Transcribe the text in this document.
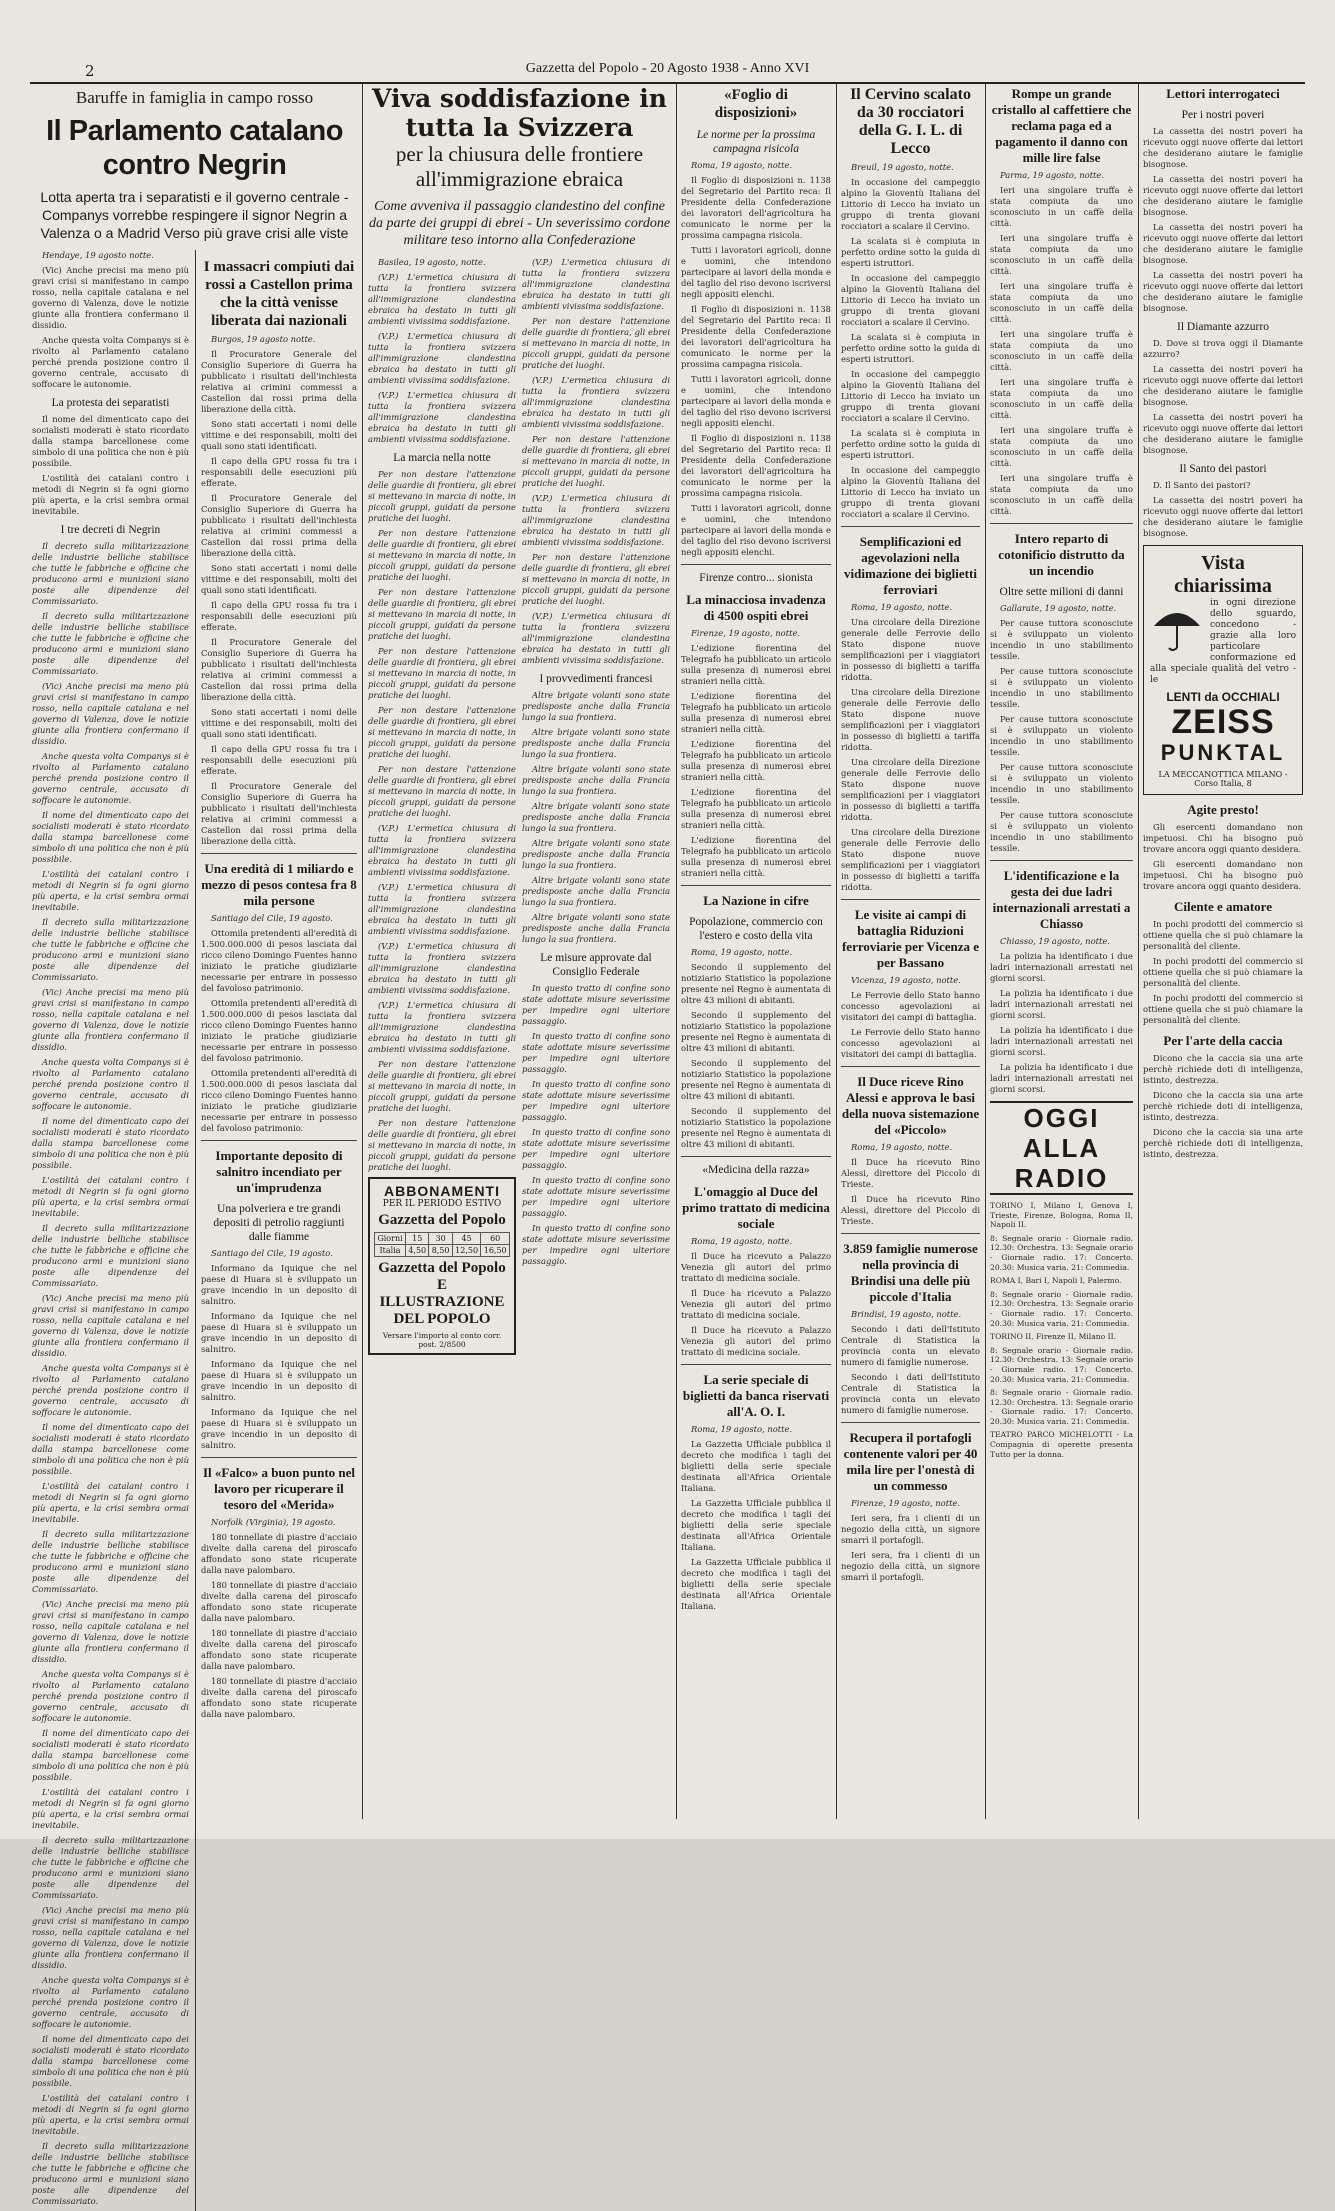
2	Gazzetta del Popolo - 20 Agosto 1938 - Anno XVI
Baruffe in famiglia in campo rosso
Il Parlamento catalano contro Negrin
Lotta aperta tra i separatisti e il governo centrale - Companys vorrebbe respingere il signor Negrin a Valenza o a Madrid Verso più grave crisi alle viste

Hendaye, 19 agosto notte.

(Vic) Anche precisi ma meno più gravi crisi si manifestano in campo rosso, nella capitale catalana e nel governo di Valenza, dove le notizie giunte alla frontiera confermano il dissidio.

Anche questa volta Companys si è rivolto al Parlamento catalano perché prenda posizione contro il governo centrale, accusato di soffocare le autonomie.

La protesta dei separatisti

Il nome del dimenticato capo dei socialisti moderati è stato ricordato dalla stampa barcellonese come simbolo di una politica che non è più possibile.

L'ostilità dei catalani contro i metodi di Negrin si fa ogni giorno più aperta, e la crisi sembra ormai inevitabile.

I tre decreti di Negrin

Il decreto sulla militarizzazione delle industrie belliche stabilisce che tutte le fabbriche e officine che producono armi e munizioni siano poste alle dipendenze del Commissariato.

Il decreto sulla militarizzazione delle industrie belliche stabilisce che tutte le fabbriche e officine che producono armi e munizioni siano poste alle dipendenze del Commissariato.

(Vic) Anche precisi ma meno più gravi crisi si manifestano in campo rosso, nella capitale catalana e nel governo di Valenza, dove le notizie giunte alla frontiera confermano il dissidio.

Anche questa volta Companys si è rivolto al Parlamento catalano perché prenda posizione contro il governo centrale, accusato di soffocare le autonomie.

Il nome del dimenticato capo dei socialisti moderati è stato ricordato dalla stampa barcellonese come simbolo di una politica che non è più possibile.

L'ostilità dei catalani contro i metodi di Negrin si fa ogni giorno più aperta, e la crisi sembra ormai inevitabile.

Il decreto sulla militarizzazione delle industrie belliche stabilisce che tutte le fabbriche e officine che producono armi e munizioni siano poste alle dipendenze del Commissariato.

(Vic) Anche precisi ma meno più gravi crisi si manifestano in campo rosso, nella capitale catalana e nel governo di Valenza, dove le notizie giunte alla frontiera confermano il dissidio.

Anche questa volta Companys si è rivolto al Parlamento catalano perché prenda posizione contro il governo centrale, accusato di soffocare le autonomie.

Il nome del dimenticato capo dei socialisti moderati è stato ricordato dalla stampa barcellonese come simbolo di una politica che non è più possibile.

L'ostilità dei catalani contro i metodi di Negrin si fa ogni giorno più aperta, e la crisi sembra ormai inevitabile.

Il decreto sulla militarizzazione delle industrie belliche stabilisce che tutte le fabbriche e officine che producono armi e munizioni siano poste alle dipendenze del Commissariato.

(Vic) Anche precisi ma meno più gravi crisi si manifestano in campo rosso, nella capitale catalana e nel governo di Valenza, dove le notizie giunte alla frontiera confermano il dissidio.

Anche questa volta Companys si è rivolto al Parlamento catalano perché prenda posizione contro il governo centrale, accusato di soffocare le autonomie.

Il nome del dimenticato capo dei socialisti moderati è stato ricordato dalla stampa barcellonese come simbolo di una politica che non è più possibile.

L'ostilità dei catalani contro i metodi di Negrin si fa ogni giorno più aperta, e la crisi sembra ormai inevitabile.

Il decreto sulla militarizzazione delle industrie belliche stabilisce che tutte le fabbriche e officine che producono armi e munizioni siano poste alle dipendenze del Commissariato.

(Vic) Anche precisi ma meno più gravi crisi si manifestano in campo rosso, nella capitale catalana e nel governo di Valenza, dove le notizie giunte alla frontiera confermano il dissidio.

Anche questa volta Companys si è rivolto al Parlamento catalano perché prenda posizione contro il governo centrale, accusato di soffocare le autonomie.

Il nome del dimenticato capo dei socialisti moderati è stato ricordato dalla stampa barcellonese come simbolo di una politica che non è più possibile.

L'ostilità dei catalani contro i metodi di Negrin si fa ogni giorno più aperta, e la crisi sembra ormai inevitabile.

Il decreto sulla militarizzazione delle industrie belliche stabilisce che tutte le fabbriche e officine che producono armi e munizioni siano poste alle dipendenze del Commissariato.

(Vic) Anche precisi ma meno più gravi crisi si manifestano in campo rosso, nella capitale catalana e nel governo di Valenza, dove le notizie giunte alla frontiera confermano il dissidio.

Anche questa volta Companys si è rivolto al Parlamento catalano perché prenda posizione contro il governo centrale, accusato di soffocare le autonomie.

Il nome del dimenticato capo dei socialisti moderati è stato ricordato dalla stampa barcellonese come simbolo di una politica che non è più possibile.

L'ostilità dei catalani contro i metodi di Negrin si fa ogni giorno più aperta, e la crisi sembra ormai inevitabile.

Il decreto sulla militarizzazione delle industrie belliche stabilisce che tutte le fabbriche e officine che producono armi e munizioni siano poste alle dipendenze del Commissariato.

I massacri compiuti dai rossi a Castellon prima che la città venisse liberata dai nazionali

Burgos, 19 agosto notte.

Il Procuratore Generale del Consiglio Superiore di Guerra ha pubblicato i risultati dell'inchiesta relativa ai crimini commessi a Castellon dai rossi prima della liberazione della città.

Sono stati accertati i nomi delle vittime e dei responsabili, molti dei quali sono stati identificati.

Il capo della GPU rossa fu tra i responsabili delle esecuzioni più efferate.

Il Procuratore Generale del Consiglio Superiore di Guerra ha pubblicato i risultati dell'inchiesta relativa ai crimini commessi a Castellon dai rossi prima della liberazione della città.

Sono stati accertati i nomi delle vittime e dei responsabili, molti dei quali sono stati identificati.

Il capo della GPU rossa fu tra i responsabili delle esecuzioni più efferate.

Il Procuratore Generale del Consiglio Superiore di Guerra ha pubblicato i risultati dell'inchiesta relativa ai crimini commessi a Castellon dai rossi prima della liberazione della città.

Sono stati accertati i nomi delle vittime e dei responsabili, molti dei quali sono stati identificati.

Il capo della GPU rossa fu tra i responsabili delle esecuzioni più efferate.

Il Procuratore Generale del Consiglio Superiore di Guerra ha pubblicato i risultati dell'inchiesta relativa ai crimini commessi a Castellon dai rossi prima della liberazione della città.

Una eredità di 1 miliardo e mezzo di pesos contesa fra 8 mila persone

Santiago del Cile, 19 agosto.

Ottomila pretendenti all'eredità di 1.500.000.000 di pesos lasciata dal ricco cileno Domingo Fuentes hanno iniziato le pratiche giudiziarie necessarie per entrare in possesso del favoloso patrimonio.

Ottomila pretendenti all'eredità di 1.500.000.000 di pesos lasciata dal ricco cileno Domingo Fuentes hanno iniziato le pratiche giudiziarie necessarie per entrare in possesso del favoloso patrimonio.

Ottomila pretendenti all'eredità di 1.500.000.000 di pesos lasciata dal ricco cileno Domingo Fuentes hanno iniziato le pratiche giudiziarie necessarie per entrare in possesso del favoloso patrimonio.

Importante deposito di salnitro incendiato per un'imprudenza
Una polveriera e tre grandi depositi di petrolio raggiunti dalle fiamme

Santiago del Cile, 19 agosto.

Informano da Iquique che nel paese di Huara si è sviluppato un grave incendio in un deposito di salnitro.

Informano da Iquique che nel paese di Huara si è sviluppato un grave incendio in un deposito di salnitro.

Informano da Iquique che nel paese di Huara si è sviluppato un grave incendio in un deposito di salnitro.

Informano da Iquique che nel paese di Huara si è sviluppato un grave incendio in un deposito di salnitro.

Il «Falco» a buon punto nel lavoro per ricuperare il tesoro del «Merida»

Norfolk (Virginia), 19 agosto.

180 tonnellate di piastre d'acciaio divelte dalla carena del piroscafo affondato sono state ricuperate dalla nave palombaro.

180 tonnellate di piastre d'acciaio divelte dalla carena del piroscafo affondato sono state ricuperate dalla nave palombaro.

180 tonnellate di piastre d'acciaio divelte dalla carena del piroscafo affondato sono state ricuperate dalla nave palombaro.

180 tonnellate di piastre d'acciaio divelte dalla carena del piroscafo affondato sono state ricuperate dalla nave palombaro.

Viva soddisfazione in tutta la Svizzera
per la chiusura delle frontiere all'immigrazione ebraica
Come avveniva il passaggio clandestino del confine da parte dei gruppi di ebrei - Un severissimo cordone militare teso intorno alla Confederazione

Basilea, 19 agosto, notte.

(V.P.) L'ermetica chiusura di tutta la frontiera svizzera all'immigrazione clandestina ebraica ha destato in tutti gli ambienti vivissima soddisfazione.

(V.P.) L'ermetica chiusura di tutta la frontiera svizzera all'immigrazione clandestina ebraica ha destato in tutti gli ambienti vivissima soddisfazione.

(V.P.) L'ermetica chiusura di tutta la frontiera svizzera all'immigrazione clandestina ebraica ha destato in tutti gli ambienti vivissima soddisfazione.

La marcia nella notte

Per non destare l'attenzione delle guardie di frontiera, gli ebrei si mettevano in marcia di notte, in piccoli gruppi, guidati da persone pratiche dei luoghi.

Per non destare l'attenzione delle guardie di frontiera, gli ebrei si mettevano in marcia di notte, in piccoli gruppi, guidati da persone pratiche dei luoghi.

Per non destare l'attenzione delle guardie di frontiera, gli ebrei si mettevano in marcia di notte, in piccoli gruppi, guidati da persone pratiche dei luoghi.

Per non destare l'attenzione delle guardie di frontiera, gli ebrei si mettevano in marcia di notte, in piccoli gruppi, guidati da persone pratiche dei luoghi.

Per non destare l'attenzione delle guardie di frontiera, gli ebrei si mettevano in marcia di notte, in piccoli gruppi, guidati da persone pratiche dei luoghi.

Per non destare l'attenzione delle guardie di frontiera, gli ebrei si mettevano in marcia di notte, in piccoli gruppi, guidati da persone pratiche dei luoghi.

(V.P.) L'ermetica chiusura di tutta la frontiera svizzera all'immigrazione clandestina ebraica ha destato in tutti gli ambienti vivissima soddisfazione.

(V.P.) L'ermetica chiusura di tutta la frontiera svizzera all'immigrazione clandestina ebraica ha destato in tutti gli ambienti vivissima soddisfazione.

(V.P.) L'ermetica chiusura di tutta la frontiera svizzera all'immigrazione clandestina ebraica ha destato in tutti gli ambienti vivissima soddisfazione.

(V.P.) L'ermetica chiusura di tutta la frontiera svizzera all'immigrazione clandestina ebraica ha destato in tutti gli ambienti vivissima soddisfazione.

Per non destare l'attenzione delle guardie di frontiera, gli ebrei si mettevano in marcia di notte, in piccoli gruppi, guidati da persone pratiche dei luoghi.

Per non destare l'attenzione delle guardie di frontiera, gli ebrei si mettevano in marcia di notte, in piccoli gruppi, guidati da persone pratiche dei luoghi.

ABBONAMENTI
PER IL PERIODO ESTIVO
Gazzetta del Popolo
Giorni	15	30	45	60
Italia	4,50	8,50	12,50	16,50
Gazzetta del Popolo E ILLUSTRAZIONE DEL POPOLO
Versare l'importo al conto corr. post. 2/8500

(V.P.) L'ermetica chiusura di tutta la frontiera svizzera all'immigrazione clandestina ebraica ha destato in tutti gli ambienti vivissima soddisfazione.

Per non destare l'attenzione delle guardie di frontiera, gli ebrei si mettevano in marcia di notte, in piccoli gruppi, guidati da persone pratiche dei luoghi.

(V.P.) L'ermetica chiusura di tutta la frontiera svizzera all'immigrazione clandestina ebraica ha destato in tutti gli ambienti vivissima soddisfazione.

Per non destare l'attenzione delle guardie di frontiera, gli ebrei si mettevano in marcia di notte, in piccoli gruppi, guidati da persone pratiche dei luoghi.

(V.P.) L'ermetica chiusura di tutta la frontiera svizzera all'immigrazione clandestina ebraica ha destato in tutti gli ambienti vivissima soddisfazione.

Per non destare l'attenzione delle guardie di frontiera, gli ebrei si mettevano in marcia di notte, in piccoli gruppi, guidati da persone pratiche dei luoghi.

(V.P.) L'ermetica chiusura di tutta la frontiera svizzera all'immigrazione clandestina ebraica ha destato in tutti gli ambienti vivissima soddisfazione.

I provvedimenti francesi

Altre brigate volanti sono state predisposte anche dalla Francia lungo la sua frontiera.

Altre brigate volanti sono state predisposte anche dalla Francia lungo la sua frontiera.

Altre brigate volanti sono state predisposte anche dalla Francia lungo la sua frontiera.

Altre brigate volanti sono state predisposte anche dalla Francia lungo la sua frontiera.

Altre brigate volanti sono state predisposte anche dalla Francia lungo la sua frontiera.

Altre brigate volanti sono state predisposte anche dalla Francia lungo la sua frontiera.

Altre brigate volanti sono state predisposte anche dalla Francia lungo la sua frontiera.

Le misure approvate dal Consiglio Federale

In questo tratto di confine sono state adottate misure severissime per impedire ogni ulteriore passaggio.

In questo tratto di confine sono state adottate misure severissime per impedire ogni ulteriore passaggio.

In questo tratto di confine sono state adottate misure severissime per impedire ogni ulteriore passaggio.

In questo tratto di confine sono state adottate misure severissime per impedire ogni ulteriore passaggio.

In questo tratto di confine sono state adottate misure severissime per impedire ogni ulteriore passaggio.

In questo tratto di confine sono state adottate misure severissime per impedire ogni ulteriore passaggio.

«Foglio di disposizioni»
Le norme per la prossima campagna risicola

Roma, 19 agosto, notte.

Il Foglio di disposizioni n. 1138 del Segretario del Partito reca: Il Presidente della Confederazione dei lavoratori dell'agricoltura ha comunicato le norme per la prossima campagna risicola.

Tutti i lavoratori agricoli, donne e uomini, che intendono partecipare ai lavori della monda e del taglio del riso devono iscriversi negli appositi elenchi.

Il Foglio di disposizioni n. 1138 del Segretario del Partito reca: Il Presidente della Confederazione dei lavoratori dell'agricoltura ha comunicato le norme per la prossima campagna risicola.

Tutti i lavoratori agricoli, donne e uomini, che intendono partecipare ai lavori della monda e del taglio del riso devono iscriversi negli appositi elenchi.

Il Foglio di disposizioni n. 1138 del Segretario del Partito reca: Il Presidente della Confederazione dei lavoratori dell'agricoltura ha comunicato le norme per la prossima campagna risicola.

Tutti i lavoratori agricoli, donne e uomini, che intendono partecipare ai lavori della monda e del taglio del riso devono iscriversi negli appositi elenchi.

Firenze contro... sionista
La minacciosa invadenza di 4500 ospiti ebrei

Firenze, 19 agosto, notte.

L'edizione fiorentina del Telegrafo ha pubblicato un articolo sulla presenza di numerosi ebrei stranieri nella città.

L'edizione fiorentina del Telegrafo ha pubblicato un articolo sulla presenza di numerosi ebrei stranieri nella città.

L'edizione fiorentina del Telegrafo ha pubblicato un articolo sulla presenza di numerosi ebrei stranieri nella città.

L'edizione fiorentina del Telegrafo ha pubblicato un articolo sulla presenza di numerosi ebrei stranieri nella città.

L'edizione fiorentina del Telegrafo ha pubblicato un articolo sulla presenza di numerosi ebrei stranieri nella città.

La Nazione in cifre
Popolazione, commercio con l'estero e costo della vita

Roma, 19 agosto, notte.

Secondo il supplemento del notiziario Statistico la popolazione presente nel Regno è aumentata di oltre 43 milioni di abitanti.

Secondo il supplemento del notiziario Statistico la popolazione presente nel Regno è aumentata di oltre 43 milioni di abitanti.

Secondo il supplemento del notiziario Statistico la popolazione presente nel Regno è aumentata di oltre 43 milioni di abitanti.

Secondo il supplemento del notiziario Statistico la popolazione presente nel Regno è aumentata di oltre 43 milioni di abitanti.

«Medicina della razza»
L'omaggio al Duce del primo trattato di medicina sociale

Roma, 19 agosto, notte.

Il Duce ha ricevuto a Palazzo Venezia gli autori del primo trattato di medicina sociale.

Il Duce ha ricevuto a Palazzo Venezia gli autori del primo trattato di medicina sociale.

Il Duce ha ricevuto a Palazzo Venezia gli autori del primo trattato di medicina sociale.

La serie speciale di biglietti da banca riservati all'A. O. I.

Roma, 19 agosto, notte.

La Gazzetta Ufficiale pubblica il decreto che modifica i tagli dei biglietti della serie speciale destinata all'Africa Orientale Italiana.

La Gazzetta Ufficiale pubblica il decreto che modifica i tagli dei biglietti della serie speciale destinata all'Africa Orientale Italiana.

La Gazzetta Ufficiale pubblica il decreto che modifica i tagli dei biglietti della serie speciale destinata all'Africa Orientale Italiana.

Il Cervino scalato da 30 rocciatori della G. I. L. di Lecco

Breuil, 19 agosto, notte.

In occasione del campeggio alpino la Gioventù Italiana del Littorio di Lecco ha inviato un gruppo di trenta giovani rocciatori a scalare il Cervino.

La scalata si è compiuta in perfetto ordine sotto la guida di esperti istruttori.

In occasione del campeggio alpino la Gioventù Italiana del Littorio di Lecco ha inviato un gruppo di trenta giovani rocciatori a scalare il Cervino.

La scalata si è compiuta in perfetto ordine sotto la guida di esperti istruttori.

In occasione del campeggio alpino la Gioventù Italiana del Littorio di Lecco ha inviato un gruppo di trenta giovani rocciatori a scalare il Cervino.

La scalata si è compiuta in perfetto ordine sotto la guida di esperti istruttori.

In occasione del campeggio alpino la Gioventù Italiana del Littorio di Lecco ha inviato un gruppo di trenta giovani rocciatori a scalare il Cervino.

Semplificazioni ed agevolazioni nella vidimazione dei biglietti ferroviari

Roma, 19 agosto, notte.

Una circolare della Direzione generale delle Ferrovie dello Stato dispone nuove semplificazioni per i viaggiatori in possesso di biglietti a tariffa ridotta.

Una circolare della Direzione generale delle Ferrovie dello Stato dispone nuove semplificazioni per i viaggiatori in possesso di biglietti a tariffa ridotta.

Una circolare della Direzione generale delle Ferrovie dello Stato dispone nuove semplificazioni per i viaggiatori in possesso di biglietti a tariffa ridotta.

Una circolare della Direzione generale delle Ferrovie dello Stato dispone nuove semplificazioni per i viaggiatori in possesso di biglietti a tariffa ridotta.

Le visite ai campi di battaglia Riduzioni ferroviarie per Vicenza e per Bassano

Vicenza, 19 agosto, notte.

Le Ferrovie dello Stato hanno concesso agevolazioni ai visitatori dei campi di battaglia.

Le Ferrovie dello Stato hanno concesso agevolazioni ai visitatori dei campi di battaglia.

Il Duce riceve Rino Alessi e approva le basi della nuova sistemazione del «Piccolo»

Roma, 19 agosto, notte.

Il Duce ha ricevuto Rino Alessi, direttore del Piccolo di Trieste.

Il Duce ha ricevuto Rino Alessi, direttore del Piccolo di Trieste.

3.859 famiglie numerose nella provincia di Brindisi una delle più piccole d'Italia

Brindisi, 19 agosto, notte.

Secondo i dati dell'Istituto Centrale di Statistica la provincia conta un elevato numero di famiglie numerose.

Secondo i dati dell'Istituto Centrale di Statistica la provincia conta un elevato numero di famiglie numerose.

Recupera il portafogli contenente valori per 40 mila lire per l'onestà di un commesso

Firenze, 19 agosto, notte.

Ieri sera, fra i clienti di un negozio della città, un signore smarrì il portafogli.

Ieri sera, fra i clienti di un negozio della città, un signore smarrì il portafogli.

Rompe un grande cristallo al caffettiere che reclama paga ed a pagamento il danno con mille lire false

Parma, 19 agosto, notte.

Ieri una singolare truffa è stata compiuta da uno sconosciuto in un caffè della città.

Ieri una singolare truffa è stata compiuta da uno sconosciuto in un caffè della città.

Ieri una singolare truffa è stata compiuta da uno sconosciuto in un caffè della città.

Ieri una singolare truffa è stata compiuta da uno sconosciuto in un caffè della città.

Ieri una singolare truffa è stata compiuta da uno sconosciuto in un caffè della città.

Ieri una singolare truffa è stata compiuta da uno sconosciuto in un caffè della città.

Ieri una singolare truffa è stata compiuta da uno sconosciuto in un caffè della città.

Intero reparto di cotonificio distrutto da un incendio
Oltre sette milioni di danni

Gallarate, 19 agosto, notte.

Per cause tuttora sconosciute si è sviluppato un violento incendio in uno stabilimento tessile.

Per cause tuttora sconosciute si è sviluppato un violento incendio in uno stabilimento tessile.

Per cause tuttora sconosciute si è sviluppato un violento incendio in uno stabilimento tessile.

Per cause tuttora sconosciute si è sviluppato un violento incendio in uno stabilimento tessile.

Per cause tuttora sconosciute si è sviluppato un violento incendio in uno stabilimento tessile.

L'identificazione e la gesta dei due ladri internazionali arrestati a Chiasso

Chiasso, 19 agosto, notte.

La polizia ha identificato i due ladri internazionali arrestati nei giorni scorsi.

La polizia ha identificato i due ladri internazionali arrestati nei giorni scorsi.

La polizia ha identificato i due ladri internazionali arrestati nei giorni scorsi.

La polizia ha identificato i due ladri internazionali arrestati nei giorni scorsi.

OGGI ALLA RADIO

TORINO I, Milano I, Genova I, Trieste, Firenze, Bologna, Roma II, Napoli II.

8: Segnale orario - Giornale radio. 12.30: Orchestra. 13: Segnale orario - Giornale radio. 17: Concerto. 20.30: Musica varia. 21: Commedia.

ROMA I, Bari I, Napoli I, Palermo.

8: Segnale orario - Giornale radio. 12.30: Orchestra. 13: Segnale orario - Giornale radio. 17: Concerto. 20.30: Musica varia. 21: Commedia.

TORINO II, Firenze II, Milano II.

8: Segnale orario - Giornale radio. 12.30: Orchestra. 13: Segnale orario - Giornale radio. 17: Concerto. 20.30: Musica varia. 21: Commedia.

8: Segnale orario - Giornale radio. 12.30: Orchestra. 13: Segnale orario - Giornale radio. 17: Concerto. 20.30: Musica varia. 21: Commedia.

TEATRO PARCO MICHELOTTI - La Compagnia di operette presenta Tutto per la donna.

Lettori interrogateci
Per i nostri poveri

La cassetta dei nostri poveri ha ricevuto oggi nuove offerte dai lettori che desiderano aiutare le famiglie bisognose.

La cassetta dei nostri poveri ha ricevuto oggi nuove offerte dai lettori che desiderano aiutare le famiglie bisognose.

La cassetta dei nostri poveri ha ricevuto oggi nuove offerte dai lettori che desiderano aiutare le famiglie bisognose.

La cassetta dei nostri poveri ha ricevuto oggi nuove offerte dai lettori che desiderano aiutare le famiglie bisognose.

Il Diamante azzurro

D. Dove si trova oggi il Diamante azzurro?

La cassetta dei nostri poveri ha ricevuto oggi nuove offerte dai lettori che desiderano aiutare le famiglie bisognose.

La cassetta dei nostri poveri ha ricevuto oggi nuove offerte dai lettori che desiderano aiutare le famiglie bisognose.

Il Santo dei pastori

D. Il Santo dei pastori?

La cassetta dei nostri poveri ha ricevuto oggi nuove offerte dai lettori che desiderano aiutare le famiglie bisognose.

Vista chiarissima

in ogni direzione dello sguardo, concedono - grazie alla loro particolare conformazione ed alla speciale qualità del vetro - le

LENTI da OCCHIALI
ZEISS
PUNKTAL
LA MECCANOTTICA MILANO - Corso Italia, 8
Agite presto!

Gli esercenti domandano non impetuosi. Chi ha bisogno può trovare ancora oggi quanto desidera.

Gli esercenti domandano non impetuosi. Chi ha bisogno può trovare ancora oggi quanto desidera.

Cilente e amatore

In pochi prodotti del commercio si ottiene quella che si può chiamare la personalità del cliente.

In pochi prodotti del commercio si ottiene quella che si può chiamare la personalità del cliente.

In pochi prodotti del commercio si ottiene quella che si può chiamare la personalità del cliente.

Per l'arte della caccia

Dicono che la caccia sia una arte perchè richiede doti di intelligenza, istinto, destrezza.

Dicono che la caccia sia una arte perchè richiede doti di intelligenza, istinto, destrezza.

Dicono che la caccia sia una arte perchè richiede doti di intelligenza, istinto, destrezza.
